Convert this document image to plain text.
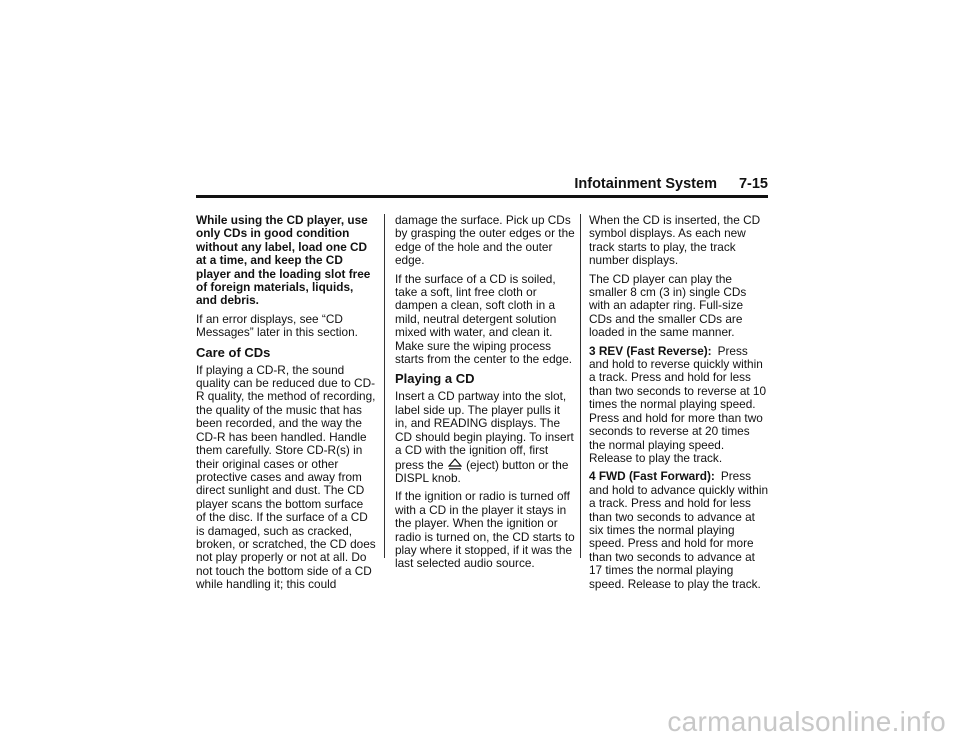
Infotainment System 7-15

While using the CD player, use only CDs in good condition without any label, load one CD at a time, and keep the CD player and the loading slot free of foreign materials, liquids, and debris.

If an error displays, see “CD Messages” later in this section.

Care of CDs

If playing a CD-R, the sound quality can be reduced due to CD-R quality, the method of recording, the quality of the music that has been recorded, and the way the CD-R has been handled. Handle them carefully. Store CD-R(s) in their original cases or other protective cases and away from direct sunlight and dust. The CD player scans the bottom surface of the disc. If the surface of a CD is damaged, such as cracked, broken, or scratched, the CD does not play properly or not at all. Do not touch the bottom side of a CD while handling it; this could

damage the surface. Pick up CDs by grasping the outer edges or the edge of the hole and the outer edge.

If the surface of a CD is soiled, take a soft, lint free cloth or dampen a clean, soft cloth in a mild, neutral detergent solution mixed with water, and clean it. Make sure the wiping process starts from the center to the edge.

Playing a CD

Insert a CD partway into the slot, label side up. The player pulls it in, and READING displays. The CD should begin playing. To insert a CD with the ignition off, first press the (eject) button or the DISPL knob.

If the ignition or radio is turned off with a CD in the player it stays in the player. When the ignition or radio is turned on, the CD starts to play where it stopped, if it was the last selected audio source.

When the CD is inserted, the CD symbol displays. As each new track starts to play, the track number displays.

The CD player can play the smaller 8 cm (3 in) single CDs with an adapter ring. Full-size CDs and the smaller CDs are loaded in the same manner.

3 REV (Fast Reverse): Press and hold to reverse quickly within a track. Press and hold for less than two seconds to reverse at 10 times the normal playing speed. Press and hold for more than two seconds to reverse at 20 times the normal playing speed. Release to play the track.

4 FWD (Fast Forward): Press and hold to advance quickly within a track. Press and hold for less than two seconds to advance at six times the normal playing speed. Press and hold for more than two seconds to advance at 17 times the normal playing speed. Release to play the track.

carmanualsonline.info
